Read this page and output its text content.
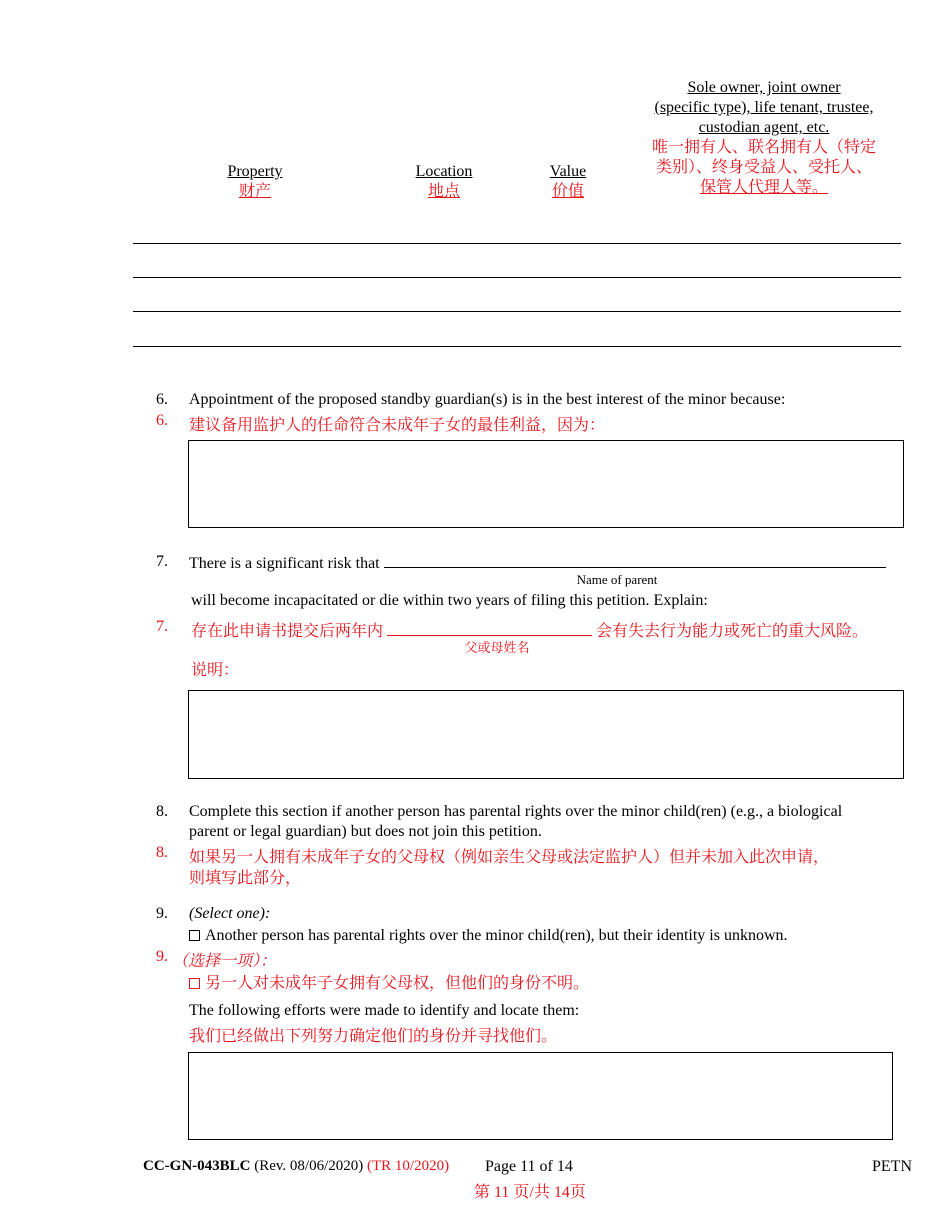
Sole owner, joint owner
(specific type), life tenant, trustee,
custodian agent, etc.
唯一拥有人、联名拥有人（特定
类别）、终身受益人、受托人、
保管人代理人等。
Property
财产
Location
地点
Value
价值
6. Appointment of the proposed standby guardian(s) is in the best interest of the minor because:
6. 建议备用监护人的任命符合未成年子女的最佳利益，因为：
7. There is a significant risk that
Name of parent
will become incapacitated or die within two years of filing this petition. Explain:
7. 存在此申请书提交后两年内	会有失去行为能力或死亡的重大风险。
父或母姓名
说明：
8. Complete this section if another person has parental rights over the minor child(ren) (e.g., a biological
parent or legal guardian) but does not join this petition.
8. 如果另一人拥有未成年子女的父母权（例如亲生父母或法定监护人）但并未加入此次申请，
则填写此部分，
9. (Select one):
Another person has parental rights over the minor child(ren), but their identity is unknown.
9. （选择一项）：
另一人对未成年子女拥有父母权，但他们的身份不明。
The following efforts were made to identify and locate them:
我们已经做出下列努力确定他们的身份并寻找他们。
CC-GN-043BLC (Rev. 08/06/2020) (TR 10/2020) Page 11 of 14
第 11 页/共 14页
PETN
